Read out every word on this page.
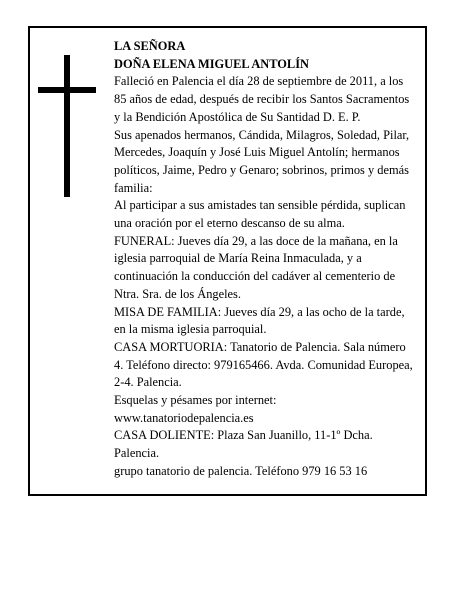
LA SEÑORA

DOÑA ELENA MIGUEL ANTOLÍN

Falleció en Palencia el día 28 de septiembre de 2011, a los 85 años de edad, después de recibir los Santos Sacramentos y la Bendición Apostólica de Su Santidad D. E. P.

Sus apenados hermanos, Cándida, Milagros, Soledad, Pilar, Mercedes, Joaquín y José Luis Miguel Antolín; hermanos políticos, Jaime, Pedro y Genaro; sobrinos, primos y demás familia:

Al participar a sus amistades tan sensible pérdida, suplican una oración por el eterno descanso de su alma.

FUNERAL: Jueves día 29, a las doce de la mañana, en la iglesia parroquial de María Reina Inmaculada, y a continuación la conducción del cadáver al cementerio de Ntra. Sra. de los Ángeles.

MISA DE FAMILIA: Jueves día 29, a las ocho de la tarde, en la misma iglesia parroquial.

CASA MORTUORIA: Tanatorio de Palencia. Sala número 4. Teléfono directo: 979165466. Avda. Comunidad Europea, 2-4. Palencia.

Esquelas y pésames por internet: www.tanatoriodepalencia.es

CASA DOLIENTE: Plaza San Juanillo, 11-1º Dcha. Palencia.

grupo tanatorio de palencia. Teléfono 979 16 53 16
